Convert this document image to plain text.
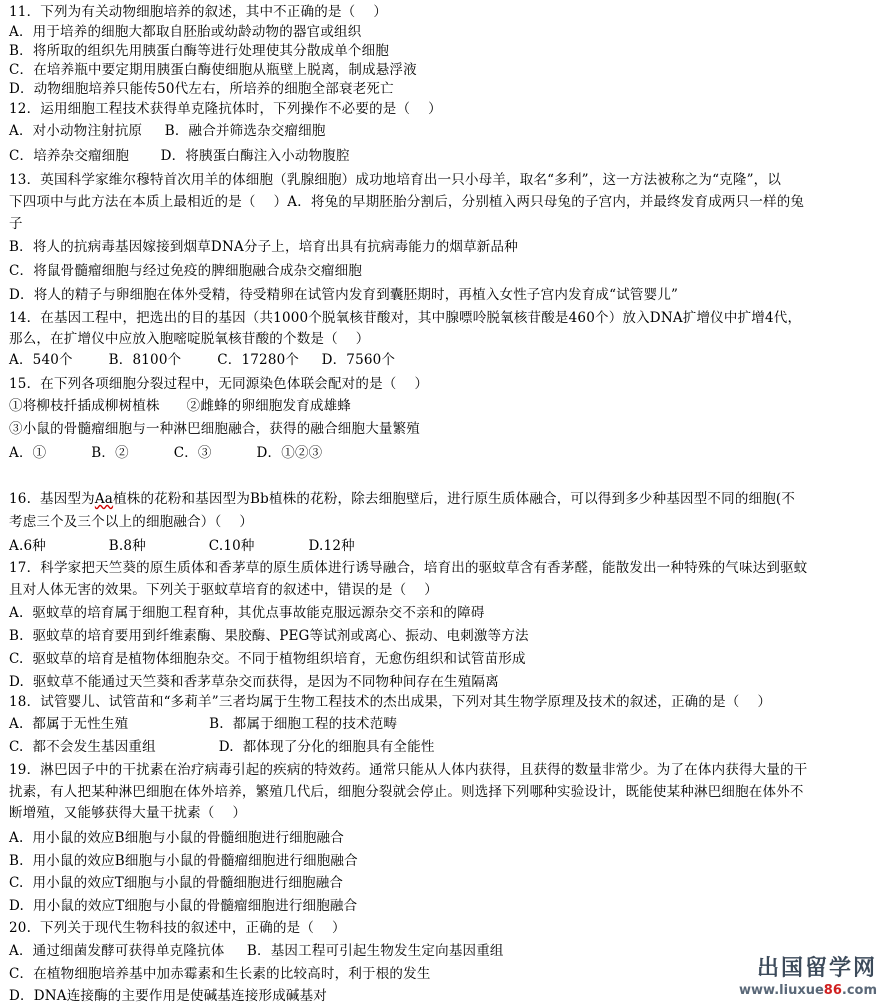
11．下列为有关动物细胞培养的叙述，其中不正确的是（    ）
A．用于培养的细胞大都取自胚胎或幼龄动物的器官或组织
B．将所取的组织先用胰蛋白酶等进行处理使其分散成单个细胞
C．在培养瓶中要定期用胰蛋白酶使细胞从瓶壁上脱离，制成悬浮液
D．动物细胞培养只能传50代左右，所培养的细胞全部衰老死亡
12．运用细胞工程技术获得单克隆抗体时，下列操作不必要的是（    ）
A．对小动物注射抗原     B．融合并筛选杂交瘤细胞
C．培养杂交瘤细胞       D．将胰蛋白酶注入小动物腹腔
13．英国科学家维尔穆特首次用羊的体细胞（乳腺细胞）成功地培育出一只小母羊，取名“多利”，这一方法被称之为“克隆”，以
下四项中与此方法在本质上最相近的是（    ）A．将兔的早期胚胎分割后，分别植入两只母兔的子宫内，并最终发育成两只一样的兔
子
B．将人的抗病毒基因嫁接到烟草DNA分子上，培育出具有抗病毒能力的烟草新品种
C．将鼠骨髓瘤细胞与经过免疫的脾细胞融合成杂交瘤细胞
D．将人的精子与卵细胞在体外受精，待受精卵在试管内发育到囊胚期时，再植入女性子宫内发育成“试管婴儿”
14．在基因工程中，把选出的目的基因（共1000个脱氧核苷酸对，其中腺嘌呤脱氧核苷酸是460个）放入DNA扩增仪中扩增4代，
那么，在扩增仪中应放入胞嘧啶脱氧核苷酸的个数是（    ）
A．540个        B．8100个        C．17280个     D．7560个
15．在下列各项细胞分裂过程中，无同源染色体联会配对的是（    ）
①将柳枝扦插成柳树植株      ②雌蜂的卵细胞发育成雄蜂
③小鼠的骨髓瘤细胞与一种淋巴细胞融合，获得的融合细胞大量繁殖
A．①          B．②          C．③          D．①②③
16.  基因型为Aa植株的花粉和基因型为Bb植株的花粉，除去细胞壁后，进行原生质体融合，可以得到多少种基因型不同的细胞(不
考虑三个及三个以上的细胞融合）（    ）
A.6种              B.8种              C.10种            D.12种
17．科学家把天竺葵的原生质体和香茅草的原生质体进行诱导融合，培育出的驱蚊草含有香茅醛，能散发出一种特殊的气味达到驱蚊
且对人体无害的效果。下列关于驱蚊草培育的叙述中，错误的是（    ）
A.  驱蚊草的培育属于细胞工程育种，其优点事故能克服远源杂交不亲和的障碍
B.  驱蚊草的培育要用到纤维素酶、果胶酶、PEG等试剂或离心、振动、电刺激等方法
C.  驱蚊草的培育是植物体细胞杂交。不同于植物组织培育，无愈伤组织和试管苗形成
D.  驱蚊草不能通过天竺葵和香茅草杂交而获得，是因为不同物种间存在生殖隔离
18．试管婴儿、试管苗和“多莉羊”三者均属于生物工程技术的杰出成果，下列对其生物学原理及技术的叙述，正确的是（    ）
A.  都属于无性生殖                  B.  都属于细胞工程的技术范畴
C.  都不会发生基因重组              D.  都体现了分化的细胞具有全能性
19．淋巴因子中的干扰素在治疗病毒引起的疾病的特效药。通常只能从人体内获得，且获得的数量非常少。为了在体内获得大量的干
扰素，有人把某种淋巴细胞在体外培养，繁殖几代后，细胞分裂就会停止。则选择下列哪种实验设计，既能使某种淋巴细胞在体外不
断增殖，又能够获得大量干扰素（    ）
A.  用小鼠的效应B细胞与小鼠的骨髓细胞进行细胞融合
B.  用小鼠的效应B细胞与小鼠的骨髓瘤细胞进行细胞融合
C.  用小鼠的效应T细胞与小鼠的骨髓细胞进行细胞融合
D.  用小鼠的效应T细胞与小鼠的骨髓瘤细胞进行细胞融合
20.  下列关于现代生物科技的叙述中，正确的是（    ）
A．通过细菌发酵可获得单克隆抗体     B．基因工程可引起生物发生定向基因重组
C．在植物细胞培养基中加赤霉素和生长素的比较高时，利于根的发生
D．DNA连接酶的主要作用是使碱基连接形成碱基对
出国留学网
www.liuxue86.com
